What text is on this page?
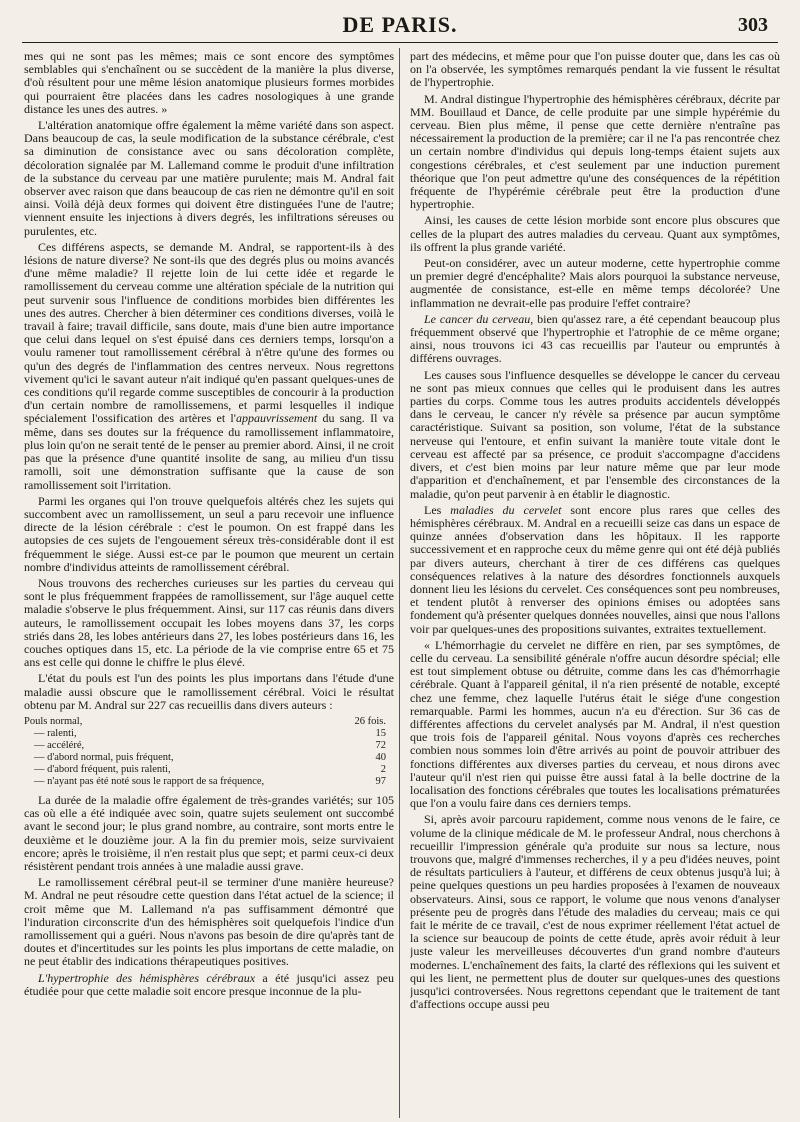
DE PARIS.	303

mes qui ne sont pas les mêmes; mais ce sont encore des symptômes semblables qui s'enchaînent ou se succèdent de la manière la plus diverse, d'où résultent pour une même lésion anatomique plusieurs formes morbides qui pourraient être placées dans les cadres nosologiques à une grande distance les unes des autres. »

L'altération anatomique offre également la même variété dans son aspect. Dans beaucoup de cas, la seule modification de la substance cérébrale, c'est sa diminution de consistance avec ou sans décoloration complète, décoloration signalée par M. Lallemand comme le produit d'une infiltration de la substance du cerveau par une matière purulente; mais M. Andral fait observer avec raison que dans beaucoup de cas rien ne démontre qu'il en soit ainsi. Voilà déjà deux formes qui doivent être distinguées l'une de l'autre; viennent ensuite les injections à divers degrés, les infiltrations séreuses ou purulentes, etc.

Ces différens aspects, se demande M. Andral, se rapportent-ils à des lésions de nature diverse? Ne sont-ils que des degrés plus ou moins avancés d'une même maladie? Il rejette loin de lui cette idée et regarde le ramollissement du cerveau comme une altération spéciale de la nutrition qui peut survenir sous l'influence de conditions morbides bien différentes les unes des autres. Chercher à bien déterminer ces conditions diverses, voilà le travail à faire; travail difficile, sans doute, mais d'une bien autre importance que celui dans lequel on s'est épuisé dans ces derniers temps, lorsqu'on a voulu ramener tout ramollissement cérébral à n'être qu'une des formes ou qu'un des degrés de l'inflammation des centres nerveux. Nous regrettons vivement qu'ici le savant auteur n'ait indiqué qu'en passant quelques-unes de ces conditions qu'il regarde comme susceptibles de concourir à la production d'un certain nombre de ramollissemens, et parmi lesquelles il indique spécialement l'ossification des artères et l'appauvrissement du sang. Il va même, dans ses doutes sur la fréquence du ramollissement inflammatoire, plus loin qu'on ne serait tenté de le penser au premier abord. Ainsi, il ne croit pas que la présence d'une quantité insolite de sang, au milieu d'un tissu ramolli, soit une démonstration suffisante que la cause de son ramollissement soit l'irritation.

Parmi les organes qui l'on trouve quelquefois altérés chez les sujets qui succombent avec un ramollissement, un seul a paru recevoir une influence directe de la lésion cérébrale : c'est le poumon. On est frappé dans les autopsies de ces sujets de l'engouement séreux très-considérable dont il est fréquemment le siége. Aussi est-ce par le poumon que meurent un certain nombre d'individus atteints de ramollissement cérébral.

Nous trouvons des recherches curieuses sur les parties du cerveau qui sont le plus fréquemment frappées de ramollissement, sur l'âge auquel cette maladie s'observe le plus fréquemment. Ainsi, sur 117 cas réunis dans divers auteurs, le ramollissement occupait les lobes moyens dans 37, les corps striés dans 28, les lobes antérieurs dans 27, les lobes postérieurs dans 16, les couches optiques dans 15, etc. La période de la vie comprise entre 65 et 75 ans est celle qui donne le chiffre le plus élevé.

L'état du pouls est l'un des points les plus importans dans l'étude d'une maladie aussi obscure que le ramollissement cérébral. Voici le résultat obtenu par M. Andral sur 227 cas recueillis dans divers auteurs :

Pouls normal,	26 fois.
— ralenti,	15
— accéléré,	72
— d'abord normal, puis fréquent,	40
— d'abord fréquent, puis ralenti,	2
— n'ayant pas été noté sous le rapport de sa fréquence,	97

La durée de la maladie offre également de très-grandes variétés; sur 105 cas où elle a été indiquée avec soin, quatre sujets seulement ont succombé avant le second jour; le plus grand nombre, au contraire, sont morts entre le deuxième et le douzième jour. A la fin du premier mois, seize survivaient encore; après le troisième, il n'en restait plus que sept; et parmi ceux-ci deux résistèrent pendant trois années à une maladie aussi grave.

Le ramollissement cérébral peut-il se terminer d'une manière heureuse? M. Andral ne peut résoudre cette question dans l'état actuel de la science; il croit même que M. Lallemand n'a pas suffisamment démontré que l'induration circonscrite d'un des hémisphères soit quelquefois l'indice d'un ramollissement qui a guéri. Nous n'avons pas besoin de dire qu'après tant de doutes et d'incertitudes sur les points les plus importans de cette maladie, on ne peut établir des indications thérapeutiques positives.

L'hypertrophie des hémisphères cérébraux a été jusqu'ici assez peu étudiée pour que cette maladie soit encore presque inconnue de la plu-

part des médecins, et même pour que l'on puisse douter que, dans les cas où on l'a observée, les symptômes remarqués pendant la vie fussent le résultat de l'hypertrophie.

M. Andral distingue l'hypertrophie des hémisphères cérébraux, décrite par MM. Bouillaud et Dance, de celle produite par une simple hypérémie du cerveau. Bien plus même, il pense que cette dernière n'entraîne pas nécessairement la production de la première; car il ne l'a pas rencontrée chez un certain nombre d'individus qui depuis long-temps étaient sujets aux congestions cérébrales, et c'est seulement par une induction purement théorique que l'on peut admettre qu'une des conséquences de la répétition fréquente de l'hypérémie cérébrale peut être la production d'une hypertrophie.

Ainsi, les causes de cette lésion morbide sont encore plus obscures que celles de la plupart des autres maladies du cerveau. Quant aux symptômes, ils offrent la plus grande variété.

Peut-on considérer, avec un auteur moderne, cette hypertrophie comme un premier degré d'encéphalite? Mais alors pourquoi la substance nerveuse, augmentée de consistance, est-elle en même temps décolorée? Une inflammation ne devrait-elle pas produire l'effet contraire?

Le cancer du cerveau, bien qu'assez rare, a été cependant beaucoup plus fréquemment observé que l'hypertrophie et l'atrophie de ce même organe; ainsi, nous trouvons ici 43 cas recueillis par l'auteur ou empruntés à différens ouvrages.

Les causes sous l'influence desquelles se développe le cancer du cerveau ne sont pas mieux connues que celles qui le produisent dans les autres parties du corps. Comme tous les autres produits accidentels développés dans le cerveau, le cancer n'y révèle sa présence par aucun symptôme caractéristique. Suivant sa position, son volume, l'état de la substance nerveuse qui l'entoure, et enfin suivant la manière toute vitale dont le cerveau est affecté par sa présence, ce produit s'accompagne d'accidens divers, et c'est bien moins par leur nature même que par leur mode d'apparition et d'enchaînement, et par l'ensemble des circonstances de la maladie, qu'on peut parvenir à en établir le diagnostic.

Les maladies du cervelet sont encore plus rares que celles des hémisphères cérébraux. M. Andral en a recueilli seize cas dans un espace de quinze années d'observation dans les hôpitaux. Il les rapporte successivement et en rapproche ceux du même genre qui ont été déjà publiés par divers auteurs, cherchant à tirer de ces différens cas quelques conséquences relatives à la nature des désordres fonctionnels auxquels donnent lieu les lésions du cervelet. Ces conséquences sont peu nombreuses, et tendent plutôt à renverser des opinions émises ou adoptées sans fondement qu'à présenter quelques données nouvelles, ainsi que nous l'allons voir par quelques-unes des propositions suivantes, extraites textuellement.

« L'hémorrhagie du cervelet ne diffère en rien, par ses symptômes, de celle du cerveau. La sensibilité générale n'offre aucun désordre spécial; elle est tout simplement obtuse ou détruite, comme dans les cas d'hémorrhagie cérébrale. Quant à l'appareil génital, il n'a rien présenté de notable, excepté chez une femme, chez laquelle l'utérus était le siége d'une congestion remarquable. Parmi les hommes, aucun n'a eu d'érection. Sur 36 cas de différentes affections du cervelet analysés par M. Andral, il n'est question que trois fois de l'appareil génital. Nous voyons d'après ces recherches combien nous sommes loin d'être arrivés au point de pouvoir attribuer des fonctions différentes aux diverses parties du cerveau, et nous dirons avec l'auteur qu'il n'est rien qui puisse être aussi fatal à la belle doctrine de la localisation des fonctions cérébrales que toutes les localisations prématurées que l'on a voulu faire dans ces derniers temps.

Si, après avoir parcouru rapidement, comme nous venons de le faire, ce volume de la clinique médicale de M. le professeur Andral, nous cherchons à recueillir l'impression générale qu'a produite sur nous sa lecture, nous trouvons que, malgré d'immenses recherches, il y a peu d'idées neuves, point de résultats particuliers à l'auteur, et différens de ceux obtenus jusqu'à lui; à peine quelques questions un peu hardies proposées à l'examen de nouveaux observateurs. Ainsi, sous ce rapport, le volume que nous venons d'analyser présente peu de progrès dans l'étude des maladies du cerveau; mais ce qui fait le mérite de ce travail, c'est de nous exprimer réellement l'état actuel de la science sur beaucoup de points de cette étude, après avoir réduit à leur juste valeur les merveilleuses découvertes d'un grand nombre d'auteurs modernes. L'enchaînement des faits, la clarté des réflexions qui les suivent et qui les lient, ne permettent plus de douter sur quelques-unes des questions jusqu'ici controversées. Nous regrettons cependant que le traitement de tant d'affections occupe aussi peu
